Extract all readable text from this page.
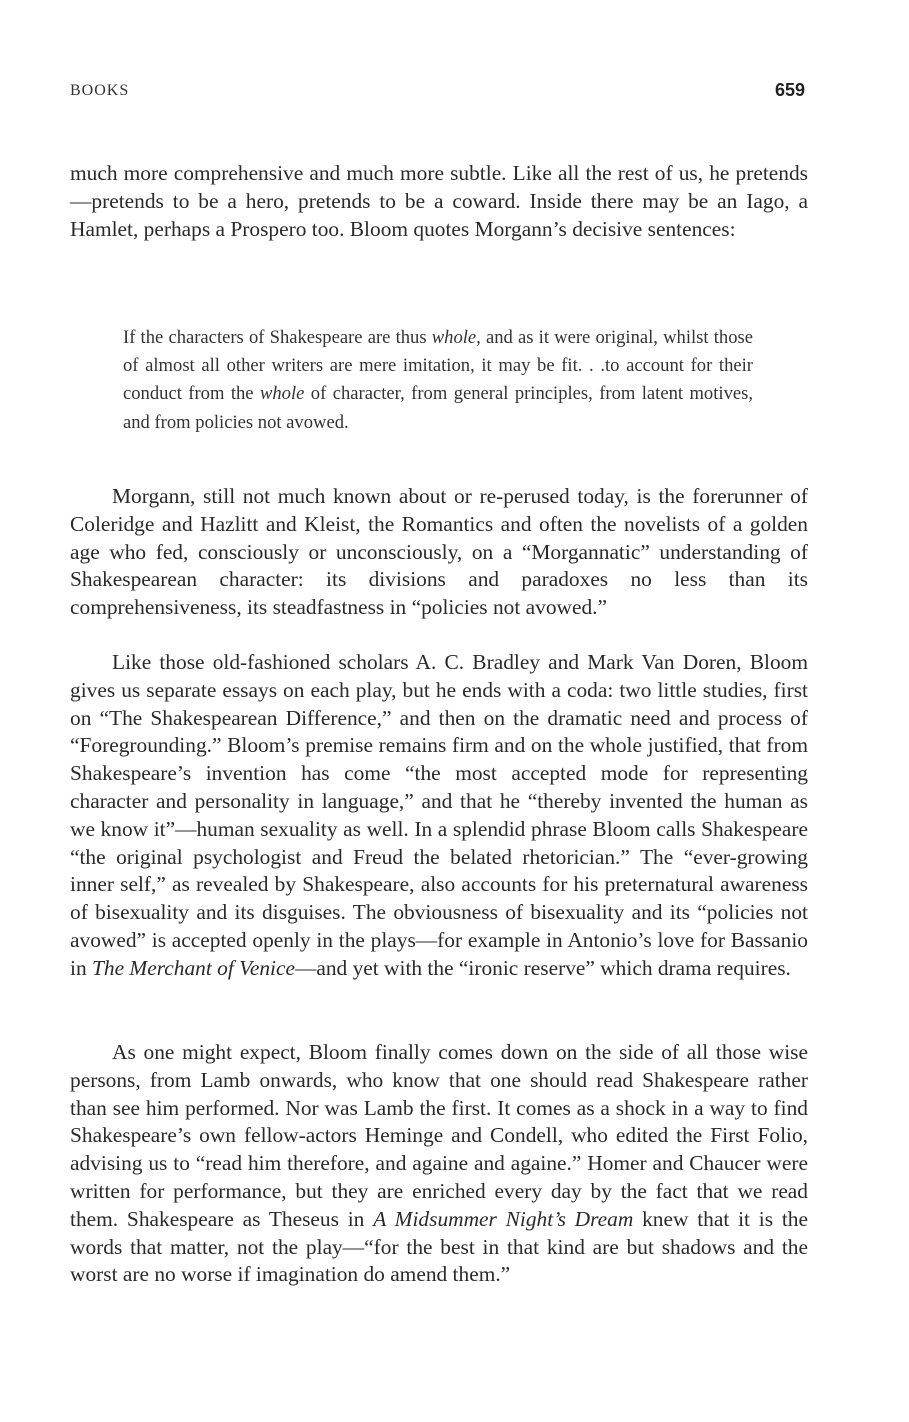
BOOKS	659

much more comprehensive and much more subtle. Like all the rest of us, he pretends—pretends to be a hero, pretends to be a coward. Inside there may be an Iago, a Hamlet, perhaps a Prospero too. Bloom quotes Morgann’s decisive sentences:

If the characters of Shakespeare are thus whole, and as it were original, whilst those of almost all other writers are mere imitation, it may be fit. . .to account for their conduct from the whole of character, from general principles, from latent motives, and from policies not avowed.

Morgann, still not much known about or re-perused today, is the forerunner of Coleridge and Hazlitt and Kleist, the Romantics and often the novelists of a golden age who fed, consciously or unconsciously, on a “Morgannatic” understanding of Shakespearean character: its divisions and paradoxes no less than its comprehensiveness, its steadfastness in “policies not avowed.”

Like those old-fashioned scholars A. C. Bradley and Mark Van Doren, Bloom gives us separate essays on each play, but he ends with a coda: two little studies, first on “The Shakespearean Difference,” and then on the dramatic need and process of “Foregrounding.” Bloom’s premise remains firm and on the whole justified, that from Shakespeare’s invention has come “the most accepted mode for representing character and personality in language,” and that he “thereby invented the human as we know it”—human sexuality as well. In a splendid phrase Bloom calls Shakespeare “the original psychologist and Freud the belated rhetorician.” The “ever-growing inner self,” as revealed by Shakespeare, also accounts for his preternatural awareness of bisexuality and its disguises. The obviousness of bisexuality and its “policies not avowed” is accepted openly in the plays—for example in Antonio’s love for Bassanio in The Merchant of Venice—and yet with the “ironic reserve” which drama requires.

As one might expect, Bloom finally comes down on the side of all those wise persons, from Lamb onwards, who know that one should read Shakespeare rather than see him performed. Nor was Lamb the first. It comes as a shock in a way to find Shakespeare’s own fellow-actors Heminge and Condell, who edited the First Folio, advising us to “read him therefore, and againe and againe.” Homer and Chaucer were written for performance, but they are enriched every day by the fact that we read them. Shakespeare as Theseus in A Midsummer Night’s Dream knew that it is the words that matter, not the play—“for the best in that kind are but shadows and the worst are no worse if imagination do amend them.”
